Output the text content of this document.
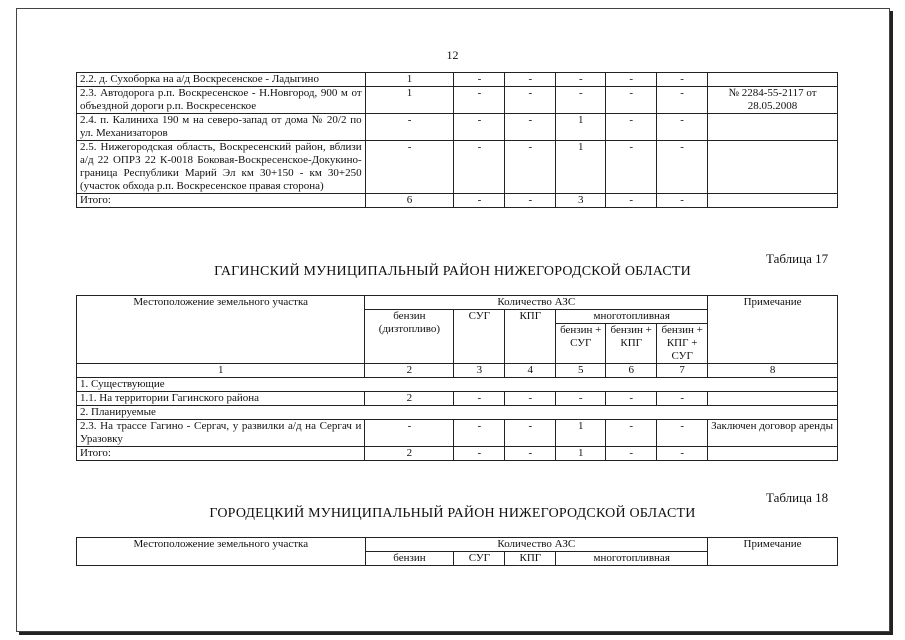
12
2.2. д. Сухоборка на а/д Воскресенское - Ладыгино	1	-	-	-	-	-	
2.3. Автодорога р.п. Воскресенское - Н.Новгород, 900 м от объездной дороги р.п. Воскресенское	1	-	-	-	-	-	№ 2284-55-2117 от 28.05.2008
2.4. п. Калиниха 190 м на северо-запад от дома № 20/2 по ул. Механизаторов	-	-	-	1	-	-	
2.5. Нижегородская область, Воскресенский район, вблизи а/д 22 ОПРЗ 22 К-0018 Боковая-Воскресенское-Докукино- граница Республики Марий Эл км 30+150 - км 30+250 (участок обхода р.п. Воскресенское правая сторона)	-	-	-	1	-	-	
Итого:	6	-	-	3	-	-	
Таблица 17
ГАГИНСКИЙ МУНИЦИПАЛЬНЫЙ РАЙОН НИЖЕГОРОДСКОЙ ОБЛАСТИ
Местоположение земельного участка	Количество АЗС						Примечание
	бензин (дизтопливо)	СУГ	КПГ	многотопливная			
				бензин + СУГ	бензин + КПГ	бензин + КПГ + СУГ	
1	2	3	4	5	6	7	8
1. Существующие							
1.1. На территории Гагинского района	2	-	-	-	-	-	
2. Планируемые							
2.3. На трассе Гагино - Сергач, у развилки а/д на Сергач и Уразовку	-	-	-	1	-	-	Заключен договор аренды
Итого:	2	-	-	1	-	-	
Таблица 18
ГОРОДЕЦКИЙ МУНИЦИПАЛЬНЫЙ РАЙОН НИЖЕГОРОДСКОЙ ОБЛАСТИ
Местоположение земельного участка	Количество АЗС				Примечание
	бензин	СУГ	КПГ	многотопливная	
